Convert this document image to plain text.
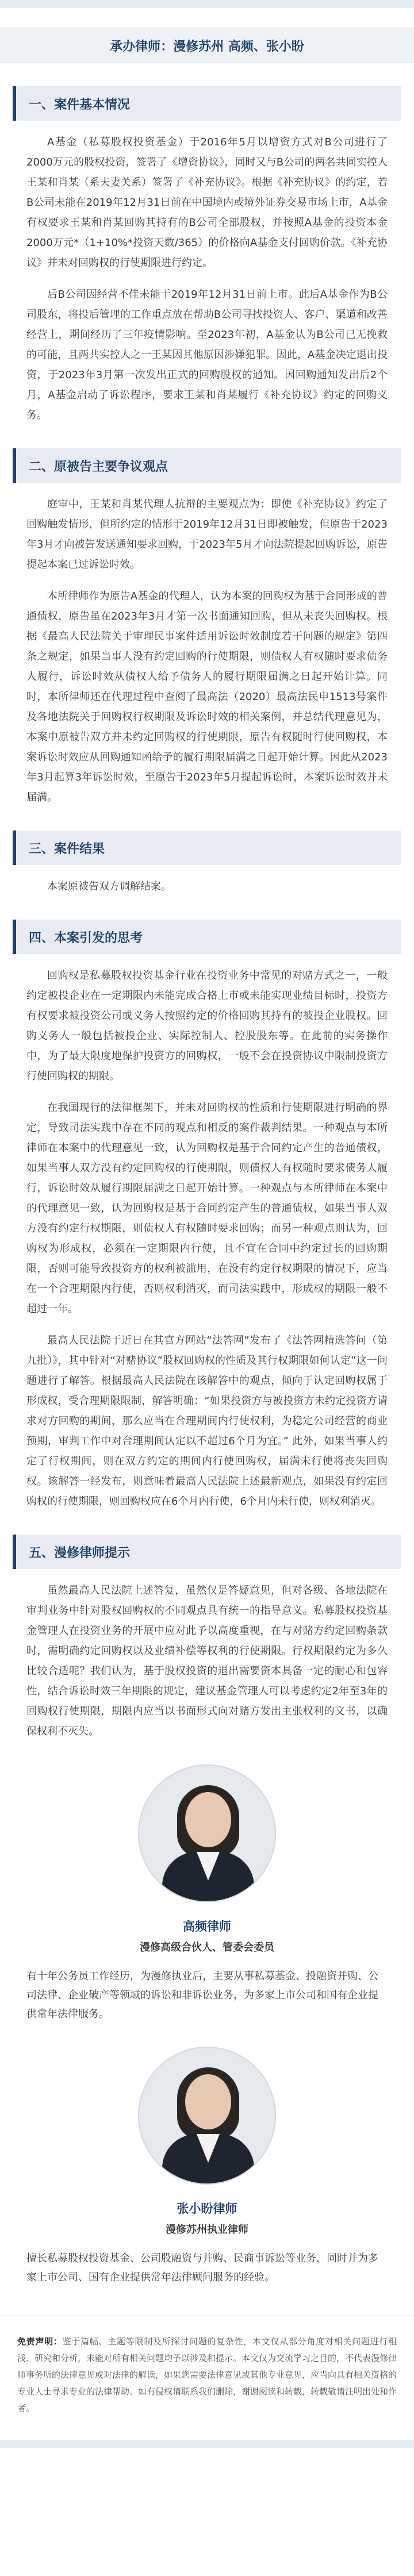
承办律师：漫修苏州 高频、张小盼
一、案件基本情况

A基金（私募股权投资基金）于2016年5月以增资方式对B公司进行了2000万元的股权投资，签署了《增资协议》，同时又与B公司的两名共同实控人王某和肖某（系夫妻关系）签署了《补充协议》。根据《补充协议》的约定，若B公司未能在2019年12月31日前在中国境内或境外证券交易市场上市，A基金有权要求王某和肖某回购其持有的B公司全部股权，并按照A基金的投资本金2000万元*（1+10%*投资天数/365）的价格向A基金支付回购价款。《补充协议》并未对回购权的行使期限进行约定。

后B公司因经营不佳未能于2019年12月31日前上市。此后A基金作为B公司股东，将投后管理的工作重点放在帮助B公司寻找投资人、客户、渠道和改善经营上，期间经历了三年疫情影响。至2023年初，A基金认为B公司已无挽救的可能，且两共实控人之一王某因其他原因涉嫌犯罪。因此，A基金决定退出投资，于2023年3月第一次发出正式的回购股权的通知。因回购通知发出后2个月，A基金启动了诉讼程序，要求王某和肖某履行《补充协议》约定的回购义务。

二、原被告主要争议观点

庭审中，王某和肖某代理人抗辩的主要观点为：即使《补充协议》约定了回购触发情形，但所约定的情形于2019年12月31日即被触发，但原告于2023年3月才向被告发送通知要求回购，于2023年5月才向法院提起回购诉讼，原告提起本案已过诉讼时效。

本所律师作为原告A基金的代理人，认为本案的回购权为基于合同形成的普通债权，原告虽在2023年3月才第一次书面通知回购，但从未丧失回购权。根据《最高人民法院关于审理民事案件适用诉讼时效制度若干问题的规定》第四条之规定，如果当事人没有约定回购的行使期限，则债权人有权随时要求债务人履行，诉讼时效从债权人给予债务人的履行期限届满之日起开始计算。同时，本所律师还在代理过程中查阅了最高法（2020）最高法民申1513号案件及各地法院关于回购权行权期限及诉讼时效的相关案例，并总结代理意见为，本案中原被告双方并未约定回购权的行使期限，原告有权随时行使回购权，本案诉讼时效应从回购通知函给予的履行期限届满之日起开始计算。因此从2023年3月起算3年诉讼时效，至原告于2023年5月提起诉讼时，本案诉讼时效并未届满。

三、案件结果

本案原被告双方调解结案。

四、本案引发的思考

回购权是私募股权投资基金行业在投资业务中常见的对赌方式之一，一般约定被投企业在一定期限内未能完成合格上市或未能实现业绩目标时，投资方有权要求被投资公司或义务人按照约定的价格回购其持有的被投企业股权。回购义务人一般包括被投企业、实际控制人、控股股东等。在此前的实务操作中，为了最大限度地保护投资方的回购权，一般不会在投资协议中限制投资方行使回购权的期限。

在我国现行的法律框架下，并未对回购权的性质和行使期限进行明确的界定，导致司法实践中存在不同的观点和相反的案件裁判结果。一种观点与本所律师在本案中的代理意见一致，认为回购权是基于合同约定产生的普通债权，如果当事人双方没有约定回购权的行使期限，则债权人有权随时要求债务人履行，诉讼时效从履行期限届满之日起开始计算。一种观点与本所律师在本案中的代理意见一致，认为回购权是基于合同约定产生的普通债权，如果当事人双方没有约定行权期限，则债权人有权随时要求回购；而另一种观点则认为，回购权为形成权，必须在一定期限内行使，且不宜在合同中约定过长的回购期限，否则可能导致投资方的权利被滥用，在没有约定行权期限的情况下，应当在一个合理期限内行使，否则权利消灭，而司法实践中，形成权的期限一般不超过一年。

最高人民法院于近日在其官方网站“法答网”发布了《法答网精选答问（第九批）》，其中针对“对赌协议”股权回购权的性质及其行权期限如何认定”这一问题进行了解答。根据最高人民法院在该解答中的观点，倾向于认定回购权属于形成权，受合理期限限制，解答明确：“如果投资方与被投资方未约定投资方请求对方回购的期间，那么应当在合理期间内行使权利，为稳定公司经营的商业预期，审判工作中对合理期间认定以不超过6个月为宜。” 此外，如果当事人约定了行权期间，则在双方约定的期间内行使回购权，届满未行使将丧失回购权。该解答一经发布，则意味着最高人民法院上述最新观点，如果没有约定回购权的行使期限，则回购权应在6个月内行使，6个月内未行使，则权利消灭。

五、漫修律师提示

虽然最高人民法院上述答复，虽然仅是答疑意见，但对各级、各地法院在审判业务中针对股权回购权的不同观点具有统一的指导意义。私募股权投资基金管理人在投资业务的开展中应对此予以高度重视，在与对赌方约定回购条款时，需明确约定回购权以及业绩补偿等权利的行使期限。行权期限约定为多久比较合适呢？我们认为，基于股权投资的退出需要资本具备一定的耐心和包容性，结合诉讼时效三年期限的规定，建议基金管理人可以考虑约定2年至3年的回购权行使期限，期限内应当以书面形式向对赌方发出主张权利的文书，以确保权利不灭失。

高频律师
漫修高级合伙人、管委会委员

有十年公务员工作经历，为漫修执业后，主要从事私募基金、投融资并购、公司法律、企业破产等领域的诉讼和非诉讼业务，为多家上市公司和国有企业提供常年法律服务。

张小盼律师
漫修苏州执业律师

擅长私募股权投资基金、公司股融资与并购、民商事诉讼等业务，同时并为多家上市公司、国有企业提供常年法律顾问服务的经验。

免责声明：鉴于篇幅、主题等限制及所探讨问题的复杂性，本文仅从部分角度对相关问题进行粗浅、研究和分析，未能对所有相关问题均予以涉及和提示。本文仅为交流学习之目的，不代表漫修律师事务所的法律意见或对法律的解读，如果您需要法律意见或其他专业意见，应当向具有相关资格的专业人士寻求专业的法律帮助。如有侵权请联系我们删除，谢谢阅读和转载，转载敬请注明出处和作者。
